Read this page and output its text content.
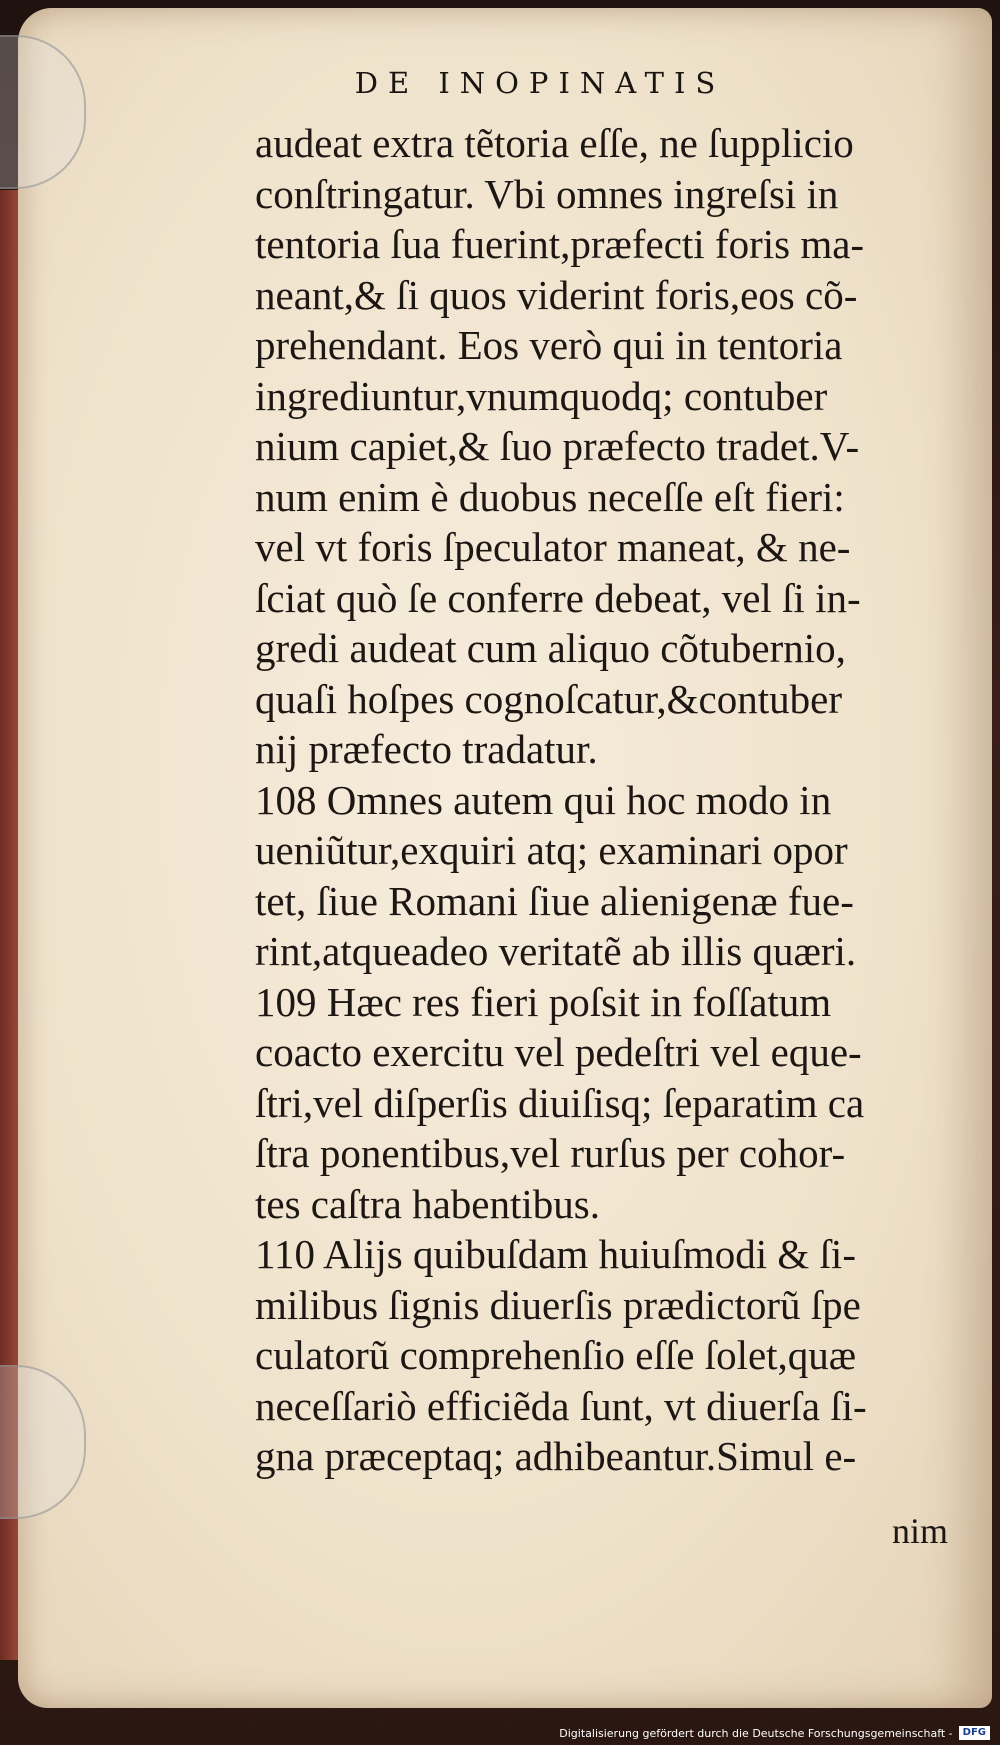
DE INOPINATIS
audeat extra tẽtoria eſſe, ne ſupplicio
conſtringatur. Vbi omnes ingreſsi in
tentoria ſua fuerint,præfecti foris ma-
neant,& ſi quos viderint foris,eos cõ-
prehendant. Eos verò qui in tentoria
ingrediuntur,vnumquodq; contuber
nium capiet,& ſuo præfecto tradet.V-
num enim è duobus neceſſe eſt fieri:
vel vt foris ſpeculator maneat, & ne-
ſciat quò ſe conferre debeat, vel ſi in-
gredi audeat cum aliquo cõtubernio,
quaſi hoſpes cognoſcatur,&contuber
nij præfecto tradatur.
108 Omnes autem qui hoc modo in
ueniũtur,exquiri atq; examinari opor
tet, ſiue Romani ſiue alienigenæ fue-
rint,atqueadeo veritatẽ ab illis quæri.
109 Hæc res fieri poſsit in foſſatum
coacto exercitu vel pedeſtri vel eque-
ſtri,vel diſperſis diuiſisq; ſeparatim ca
ſtra ponentibus,vel rurſus per cohor-
tes caſtra habentibus.
110 Alijs quibuſdam huiuſmodi & ſi-
milibus ſignis diuerſis prædictorũ ſpe
culatorũ comprehenſio eſſe ſolet,quæ
neceſſariò efficiẽda ſunt, vt diuerſa ſi-
gna præceptaq; adhibeantur.Simul e-
nim
Digitalisierung gefördert durch die Deutsche Forschungsgemeinschaft -	DFG
